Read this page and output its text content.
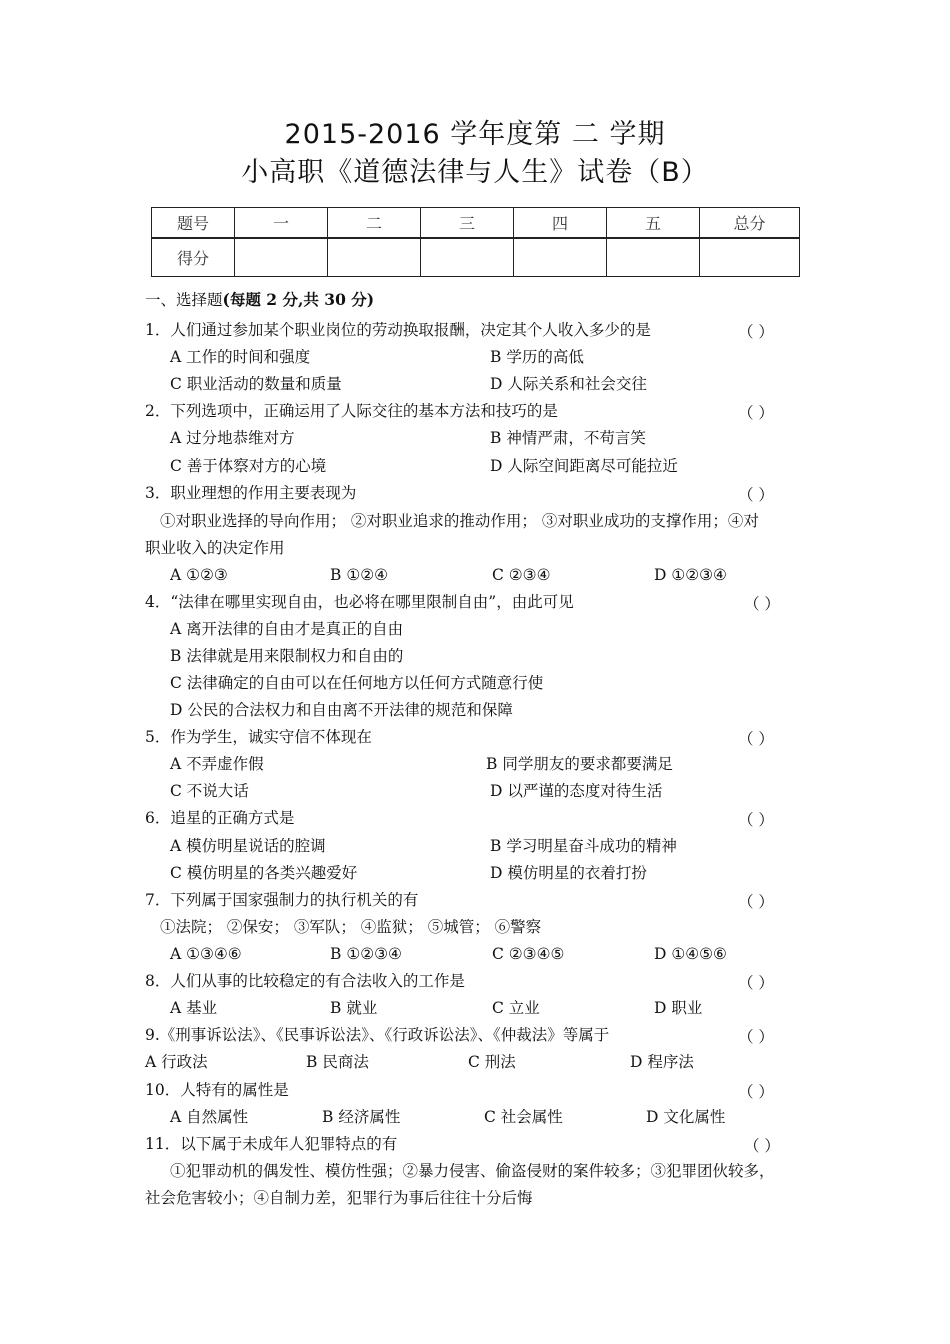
2015-2016 学年度第 二 学期
小高职《道德法律与人生》试卷（B）
题号	一	二	三	四	五	总分
得分						
一、选择题(每题 2 分,共 30 分)
1．人们通过参加某个职业岗位的劳动换取报酬，决定其个人收入多少的是	（ ）
A 工作的时间和强度	B 学历的高低
C 职业活动的数量和质量	D 人际关系和社会交往
2．下列选项中，正确运用了人际交往的基本方法和技巧的是	（ ）
A 过分地恭维对方	B 神情严肃，不苟言笑
C 善于体察对方的心境	D 人际空间距离尽可能拉近
3．职业理想的作用主要表现为	（ ）
①对职业选择的导向作用； ②对职业追求的推动作用； ③对职业成功的支撑作用；④对
职业收入的决定作用
A ①②③	B ①②④	C ②③④	D ①②③④
4．“法律在哪里实现自由，也必将在哪里限制自由”，由此可见	（ ）
A 离开法律的自由才是真正的自由
B 法律就是用来限制权力和自由的
C 法律确定的自由可以在任何地方以任何方式随意行使
D 公民的合法权力和自由离不开法律的规范和保障
5．作为学生，诚实守信不体现在	（ ）
A 不弄虚作假	B 同学朋友的要求都要满足
C 不说大话	D 以严谨的态度对待生活
6．追星的正确方式是	（ ）
A 模仿明星说话的腔调	B 学习明星奋斗成功的精神
C 模仿明星的各类兴趣爱好	D 模仿明星的衣着打扮
7．下列属于国家强制力的执行机关的有	（ ）
①法院； ②保安； ③军队； ④监狱； ⑤城管； ⑥警察
A ①③④⑥	B ①②③④	C ②③④⑤	D ①④⑤⑥
8．人们从事的比较稳定的有合法收入的工作是	（ ）
A 基业	B 就业	C 立业	D 职业
9.《刑事诉讼法》、《民事诉讼法》、《行政诉讼法》、《仲裁法》等属于	（ ）
A 行政法	B 民商法	C 刑法	D 程序法
10．人特有的属性是	（ ）
A 自然属性	B 经济属性	C 社会属性	D 文化属性
11．以下属于未成年人犯罪特点的有	（ ）
①犯罪动机的偶发性、模仿性强；②暴力侵害、偷盗侵财的案件较多；③犯罪团伙较多，
社会危害较小；④自制力差，犯罪行为事后往往十分后悔
